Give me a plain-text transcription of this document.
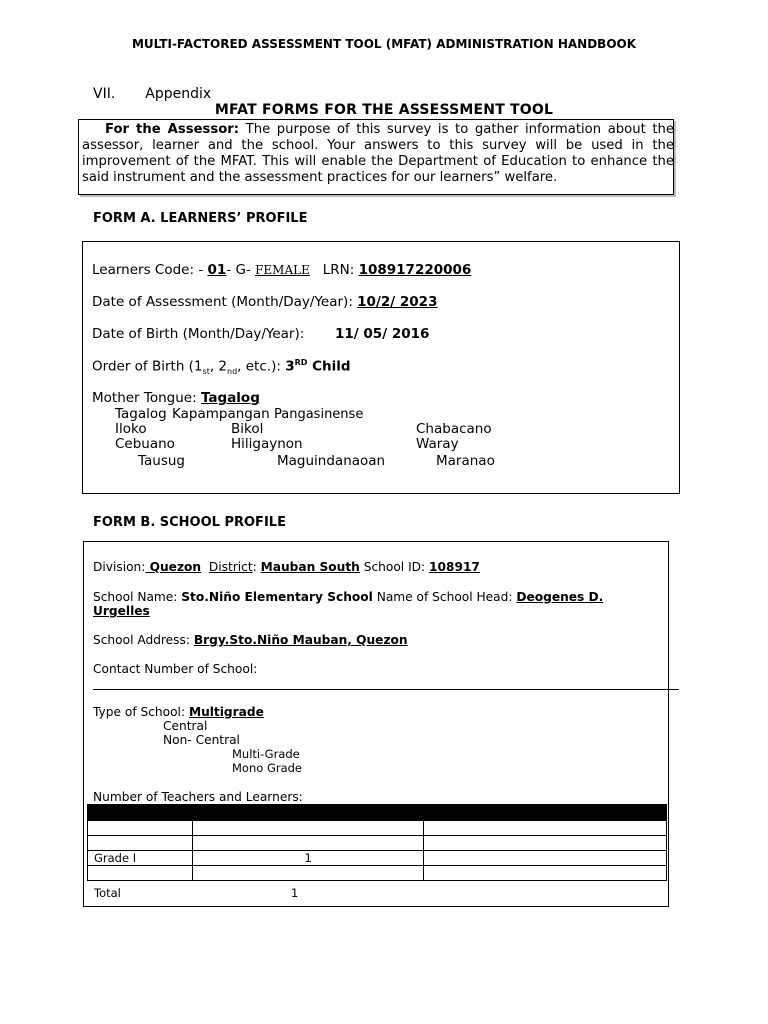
MULTI-FACTORED ASSESSMENT TOOL (MFAT) ADMINISTRATION HANDBOOK
VII. Appendix
MFAT FORMS FOR THE ASSESSMENT TOOL
For the Assessor: The purpose of this survey is to gather information about the assessor, learner and the school. Your answers to this survey will be used in the improvement of the MFAT. This will enable the Department of Education to enhance the said instrument and the assessment practices for our learners” welfare.
FORM A. LEARNERS’ PROFILE
Learners Code: - 01- G- FEMALE LRN: 108917220006
Date of Assessment (Month/Day/Year): 10/2/ 2023
Date of Birth (Month/Day/Year): 11/ 05/ 2016
Order of Birth ($1_{st}$, $2_{nd}$, etc.): 3RD Child
Mother Tongue: Tagalog
Tagalog Kapampangan Pangasinense
Iloko	Bikol	Chabacano
Cebuano	Hiligaynon	Waray
Tausug	Maguindanaoan	Maranao
FORM B. SCHOOL PROFILE
Division: Quezon District: Mauban South School ID: 108917
School Name: Sto.Niño Elementary School Name of School Head: Deogenes D.
Urgelles
School Address: Brgy.Sto.Niño Mauban, Quezon
Contact Number of School:
Type of School: Multigrade
Central
Non- Central
Multi-Grade
Mono Grade
Number of Teachers and Learners:

Grade I	1	

Total	1
